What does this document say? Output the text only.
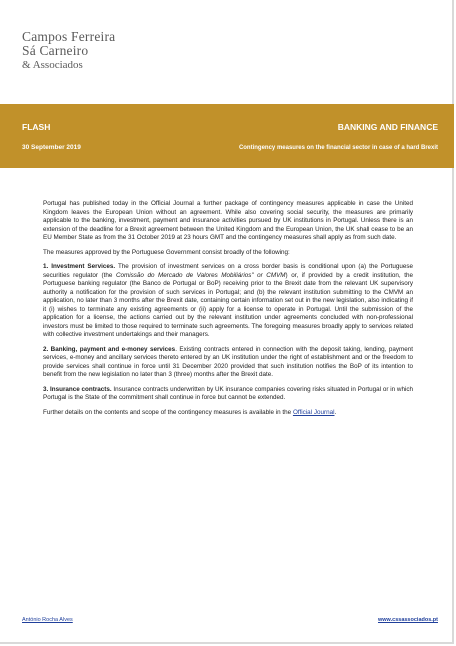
Campos Ferreira
Sá Carneiro
& Associados
FLASH
30 September 2019
BANKING AND FINANCE
Contingency measures on the financial sector in case of a hard Brexit

Portugal has published today in the Official Journal a further package of contingency measures applicable in case the United Kingdom leaves the European Union without an agreement. While also covering social security, the measures are primarily applicable to the banking, investment, payment and insurance activities pursued by UK institutions in Portugal. Unless there is an extension of the deadline for a Brexit agreement between the United Kingdom and the European Union, the UK shall cease to be an EU Member State as from the 31 October 2019 at 23 hours GMT and the contingency measures shall apply as from such date.

The measures approved by the Portuguese Government consist broadly of the following:

1. Investment Services. The provision of investment services on a cross border basis is conditional upon (a) the Portuguese securities regulator (the Comissão do Mercado de Valores Mobiliários" or CMVM) or, if provided by a credit institution, the Portuguese banking regulator (the Banco de Portugal or BoP) receiving prior to the Brexit date from the relevant UK supervisory authority a notification for the provision of such services in Portugal; and (b) the relevant institution submitting to the CMVM an application, no later than 3 months after the Brexit date, containing certain information set out in the new legislation, also indicating if it (i) wishes to terminate any existing agreements or (ii) apply for a license to operate in Portugal. Until the submission of the application for a license, the actions carried out by the relevant institution under agreements concluded with non-professional investors must be limited to those required to terminate such agreements. The foregoing measures broadly apply to services related with collective investment undertakings and their managers.

2. Banking, payment and e-money services. Existing contracts entered in connection with the deposit taking, lending, payment services, e-money and ancillary services thereto entered by an UK institution under the right of establishment and or the freedom to provide services shall continue in force until 31 December 2020 provided that such institution notifies the BoP of its intention to benefit from the new legislation no later than 3 (three) months after the Brexit date.

3. Insurance contracts. Insurance contracts underwritten by UK insurance companies covering risks situated in Portugal or in which Portugal is the State of the commitment shall continue in force but cannot be extended.

Further details on the contents and scope of the contingency measures is available in the Official Journal.

António Rocha Alves	www.cssassociados.pt
